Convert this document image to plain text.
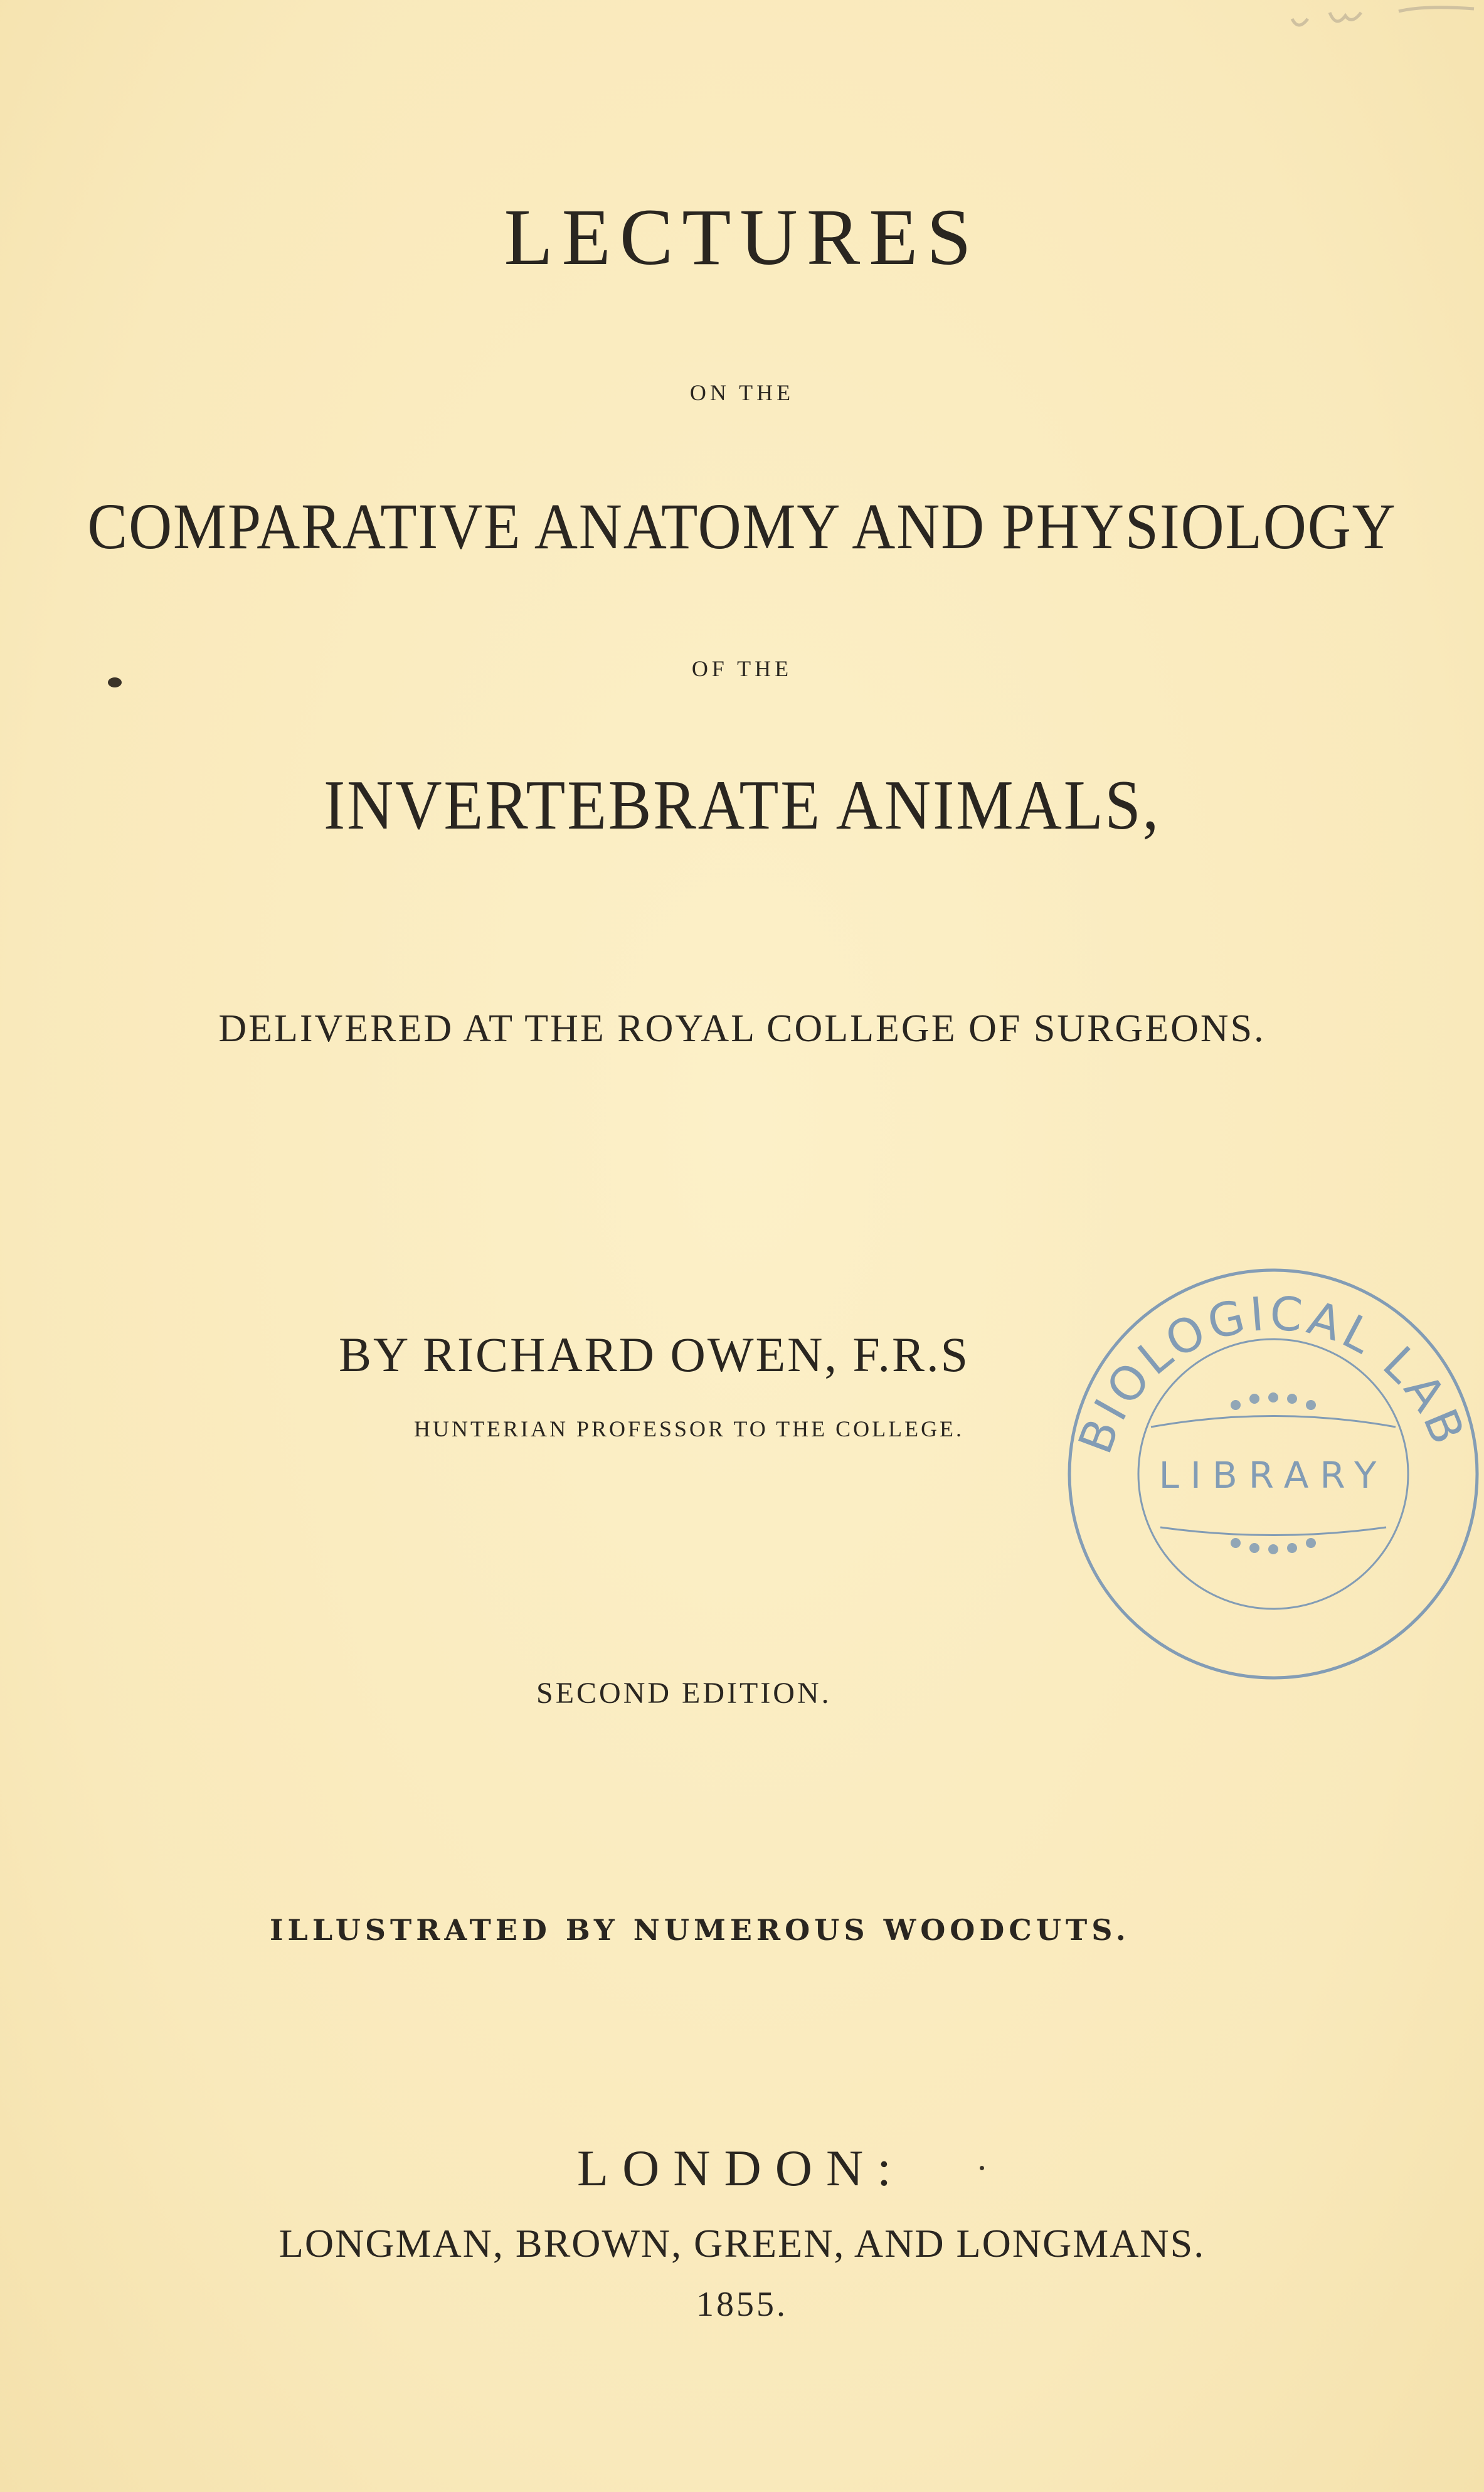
LECTURES
ON THE
COMPARATIVE ANATOMY AND PHYSIOLOGY
OF THE
INVERTEBRATE ANIMALS,
DELIVERED AT THE ROYAL COLLEGE OF SURGEONS.
BY RICHARD OWEN, F.R.S
HUNTERIAN PROFESSOR TO THE COLLEGE.
SECOND EDITION.
ILLUSTRATED BY NUMEROUS WOODCUTS.
LONDON:
LONGMAN, BROWN, GREEN, AND LONGMANS.
1855.
BIOLOGICAL LAB
LIBRARY
